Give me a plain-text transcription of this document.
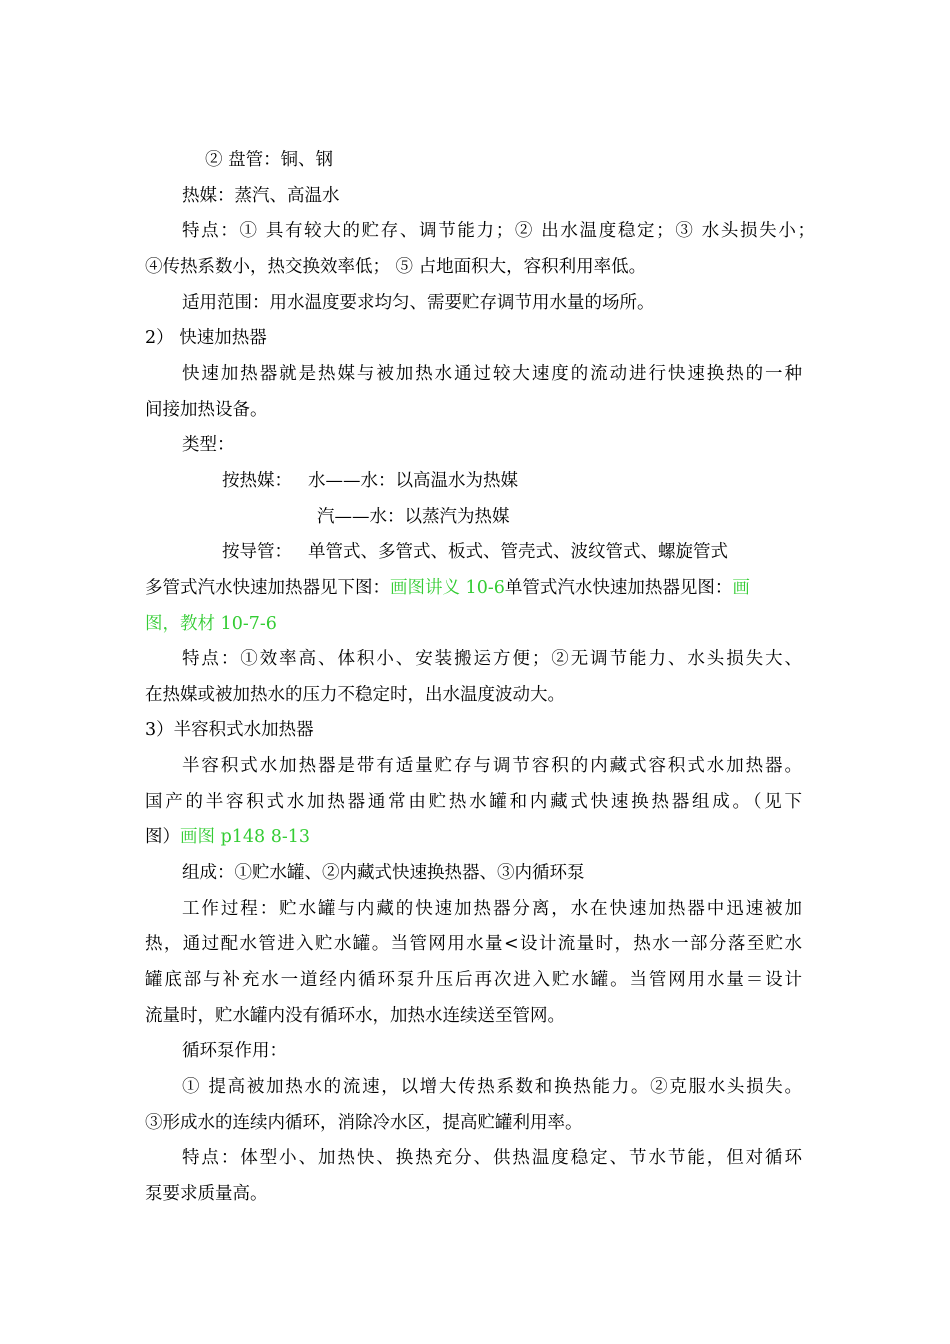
② 盘管：铜、钢
热媒：蒸汽、高温水
特点：① 具有较大的贮存、调节能力；② 出水温度稳定；③ 水头损失小；
④传热系数小，热交换效率低； ⑤ 占地面积大，容积利用率低。
适用范围：用水温度要求均匀、需要贮存调节用水量的场所。
2） 快速加热器
快速加热器就是热媒与被加热水通过较大速度的流动进行快速换热的一种
间接加热设备。
类型：
按热媒： 水——水：以高温水为热媒
汽——水：以蒸汽为热媒
按导管： 单管式、多管式、板式、管壳式、波纹管式、螺旋管式
多管式汽水快速加热器见下图：画图讲义 10-6单管式汽水快速加热器见图：画
图，教材 10-7-6
特点：①效率高、体积小、安装搬运方便；②无调节能力、水头损失大、
在热媒或被加热水的压力不稳定时，出水温度波动大。
3）半容积式水加热器
半容积式水加热器是带有适量贮存与调节容积的内藏式容积式水加热器。
国产的半容积式水加热器通常由贮热水罐和内藏式快速换热器组成。（见下
图）画图 p148 8-13
组成：①贮水罐、②内藏式快速换热器、③内循环泵
工作过程：贮水罐与内藏的快速加热器分离，水在快速加热器中迅速被加
热，通过配水管进入贮水罐。当管网用水量<设计流量时，热水一部分落至贮水
罐底部与补充水一道经内循环泵升压后再次进入贮水罐。当管网用水量＝设计
流量时，贮水罐内没有循环水，加热水连续送至管网。
循环泵作用：
① 提高被加热水的流速，以增大传热系数和换热能力。②克服水头损失。
③形成水的连续内循环，消除冷水区，提高贮罐利用率。
特点：体型小、加热快、换热充分、供热温度稳定、节水节能，但对循环
泵要求质量高。
